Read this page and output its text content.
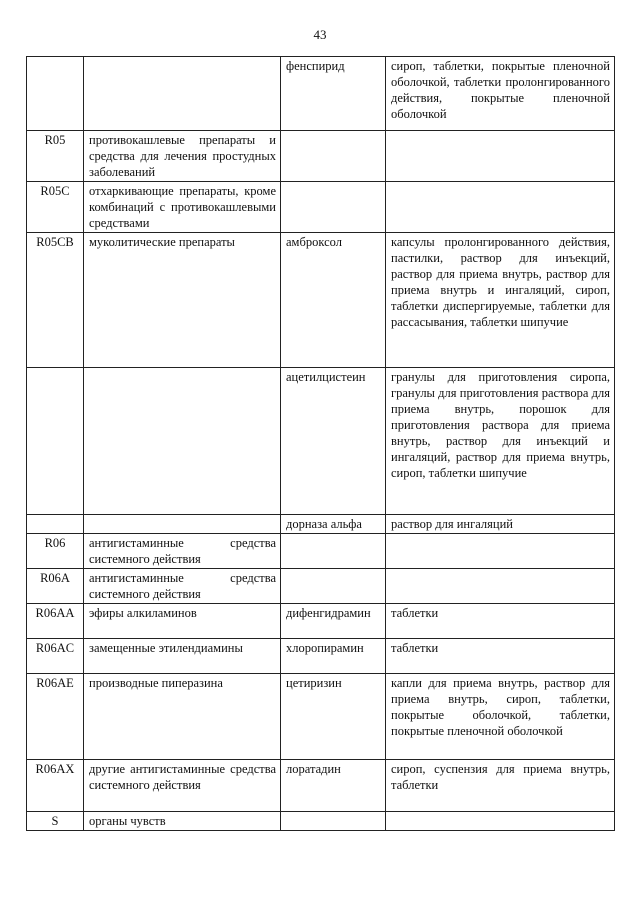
43
		фенспирид	сироп, таблетки, покрытые пленочной оболочкой, таблетки пролонгированного действия, покрытые пленочной оболочкой
R05	противокашлевые препараты и средства для лечения простудных заболеваний		
R05C	отхаркивающие препараты, кроме комбинаций с противокашлевыми средствами		
R05CB	муколитические препараты	амброксол	капсулы пролонгированного действия, пастилки, раствор для инъекций, раствор для приема внутрь, раствор для приема внутрь и ингаляций, сироп, таблетки диспергируемые, таблетки для рассасывания, таблетки шипучие
		ацетилцистеин	гранулы для приготовления сиропа, гранулы для приготовления раствора для приема внутрь, порошок для приготовления раствора для приема внутрь, раствор для инъекций и ингаляций, раствор для приема внутрь, сироп, таблетки шипучие
		дорназа альфа	раствор для ингаляций
R06	антигистаминные средства системного действия		
R06A	антигистаминные средства системного действия		
R06AA	эфиры алкиламинов	дифенгидрамин	таблетки
R06AC	замещенные этилендиамины	хлоропирамин	таблетки
R06AE	производные пиперазина	цетиризин	капли для приема внутрь, раствор для приема внутрь, сироп, таблетки, покрытые оболочкой, таблетки, покрытые пленочной оболочкой
R06AX	другие антигистаминные средства системного действия	лоратадин	сироп, суспензия для приема внутрь, таблетки
S	органы чувств		
